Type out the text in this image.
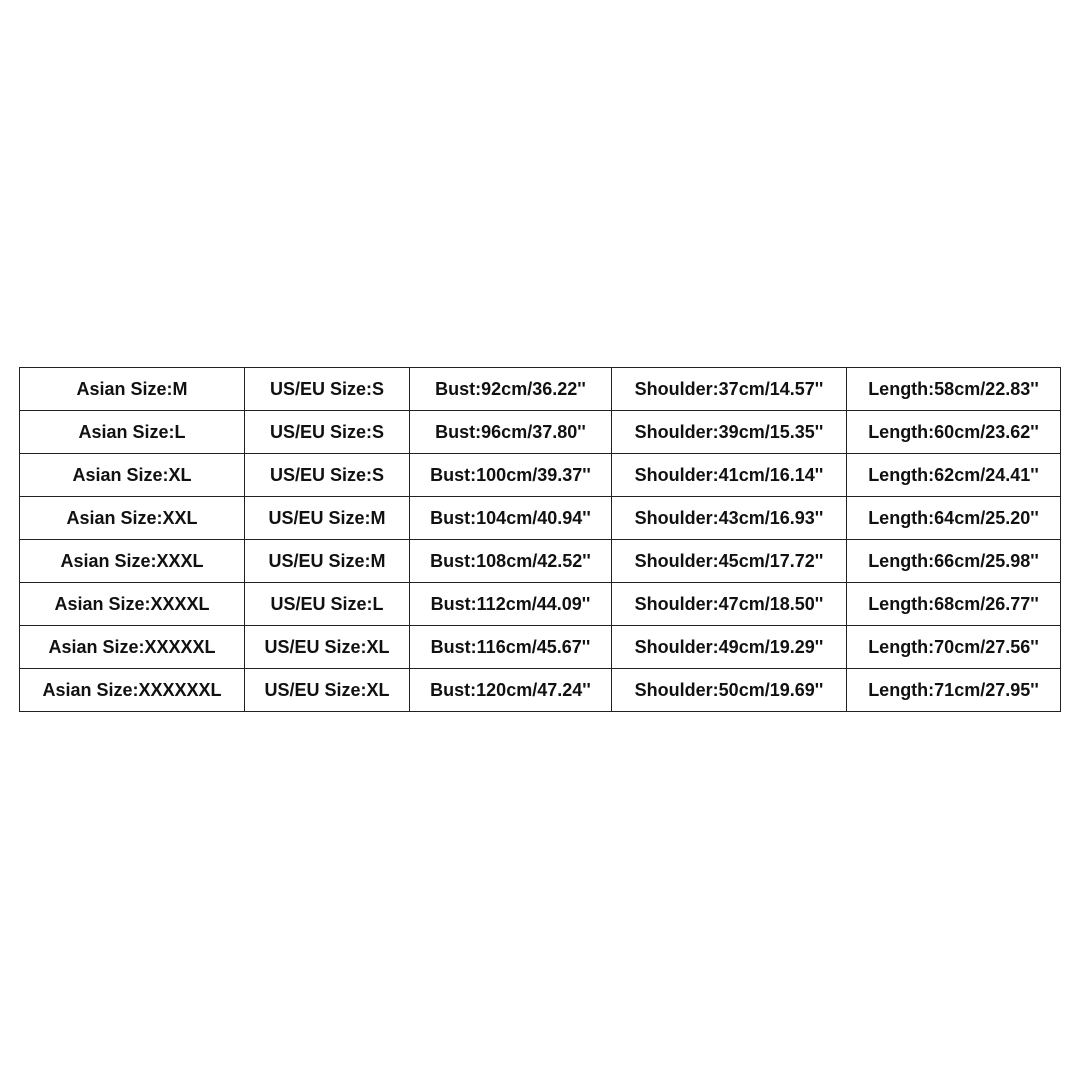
Asian Size:M	US/EU Size:S	Bust:92cm/36.22''	Shoulder:37cm/14.57''	Length:58cm/22.83''
Asian Size:L	US/EU Size:S	Bust:96cm/37.80''	Shoulder:39cm/15.35''	Length:60cm/23.62''
Asian Size:XL	US/EU Size:S	Bust:100cm/39.37''	Shoulder:41cm/16.14''	Length:62cm/24.41''
Asian Size:XXL	US/EU Size:M	Bust:104cm/40.94''	Shoulder:43cm/16.93''	Length:64cm/25.20''
Asian Size:XXXL	US/EU Size:M	Bust:108cm/42.52''	Shoulder:45cm/17.72''	Length:66cm/25.98''
Asian Size:XXXXL	US/EU Size:L	Bust:112cm/44.09''	Shoulder:47cm/18.50''	Length:68cm/26.77''
Asian Size:XXXXXL	US/EU Size:XL	Bust:116cm/45.67''	Shoulder:49cm/19.29''	Length:70cm/27.56''
Asian Size:XXXXXXL	US/EU Size:XL	Bust:120cm/47.24''	Shoulder:50cm/19.69''	Length:71cm/27.95''
